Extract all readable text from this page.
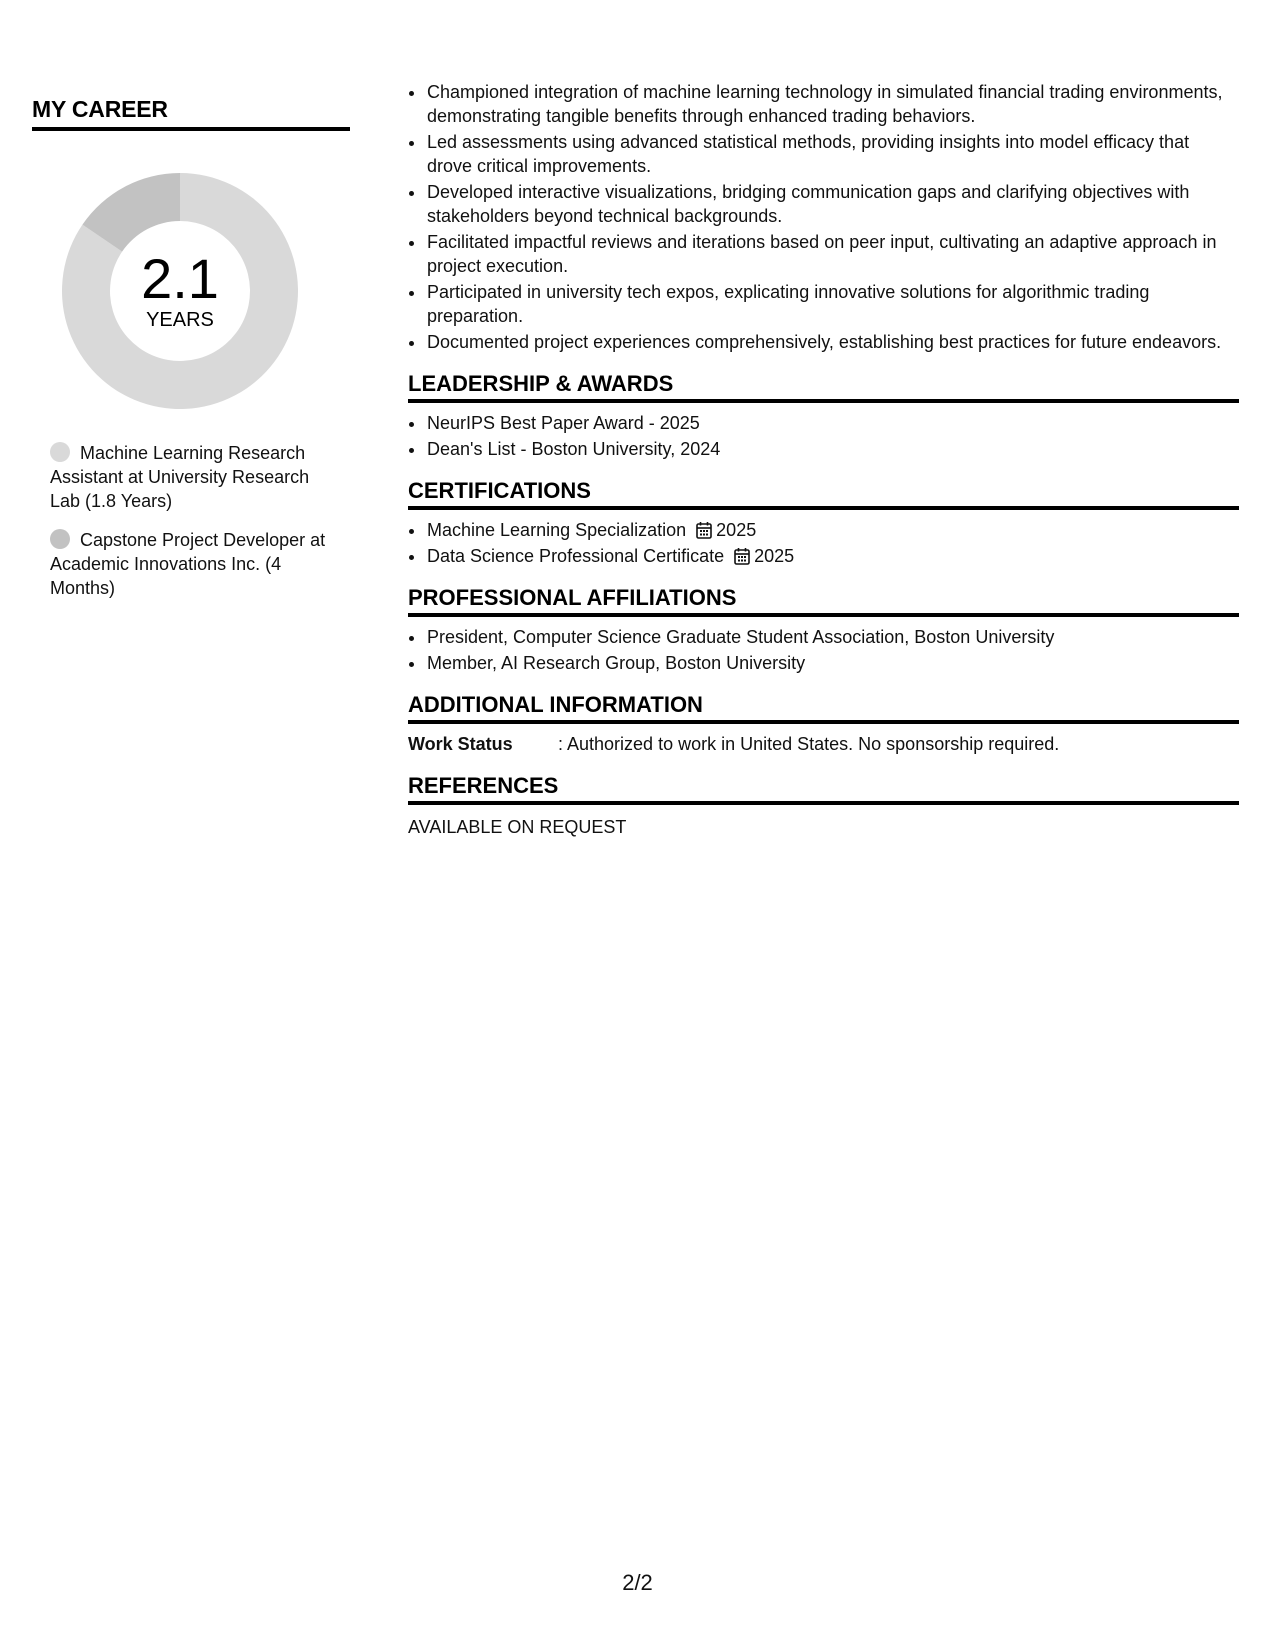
MY CAREER
2.1
YEARS
Machine Learning Research Assistant at University Research Lab (1.8 Years)
Capstone Project Developer at Academic Innovations Inc. (4 Months)
• Championed integration of machine learning technology in simulated financial trading environments, demonstrating tangible benefits through enhanced trading behaviors.
• Led assessments using advanced statistical methods, providing insights into model efficacy that drove critical improvements.
• Developed interactive visualizations, bridging communication gaps and clarifying objectives with stakeholders beyond technical backgrounds.
• Facilitated impactful reviews and iterations based on peer input, cultivating an adaptive approach in project execution.
• Participated in university tech expos, explicating innovative solutions for algorithmic trading preparation.
• Documented project experiences comprehensively, establishing best practices for future endeavors.
LEADERSHIP & AWARDS
• NeurIPS Best Paper Award - 2025
• Dean's List - Boston University, 2024
CERTIFICATIONS
• Machine Learning Specialization 2025
• Data Science Professional Certificate 2025
PROFESSIONAL AFFILIATIONS
• President, Computer Science Graduate Student Association, Boston University
• Member, AI Research Group, Boston University
ADDITIONAL INFORMATION
Work Status	: Authorized to work in United States. No sponsorship required.
REFERENCES
AVAILABLE ON REQUEST
2/2
